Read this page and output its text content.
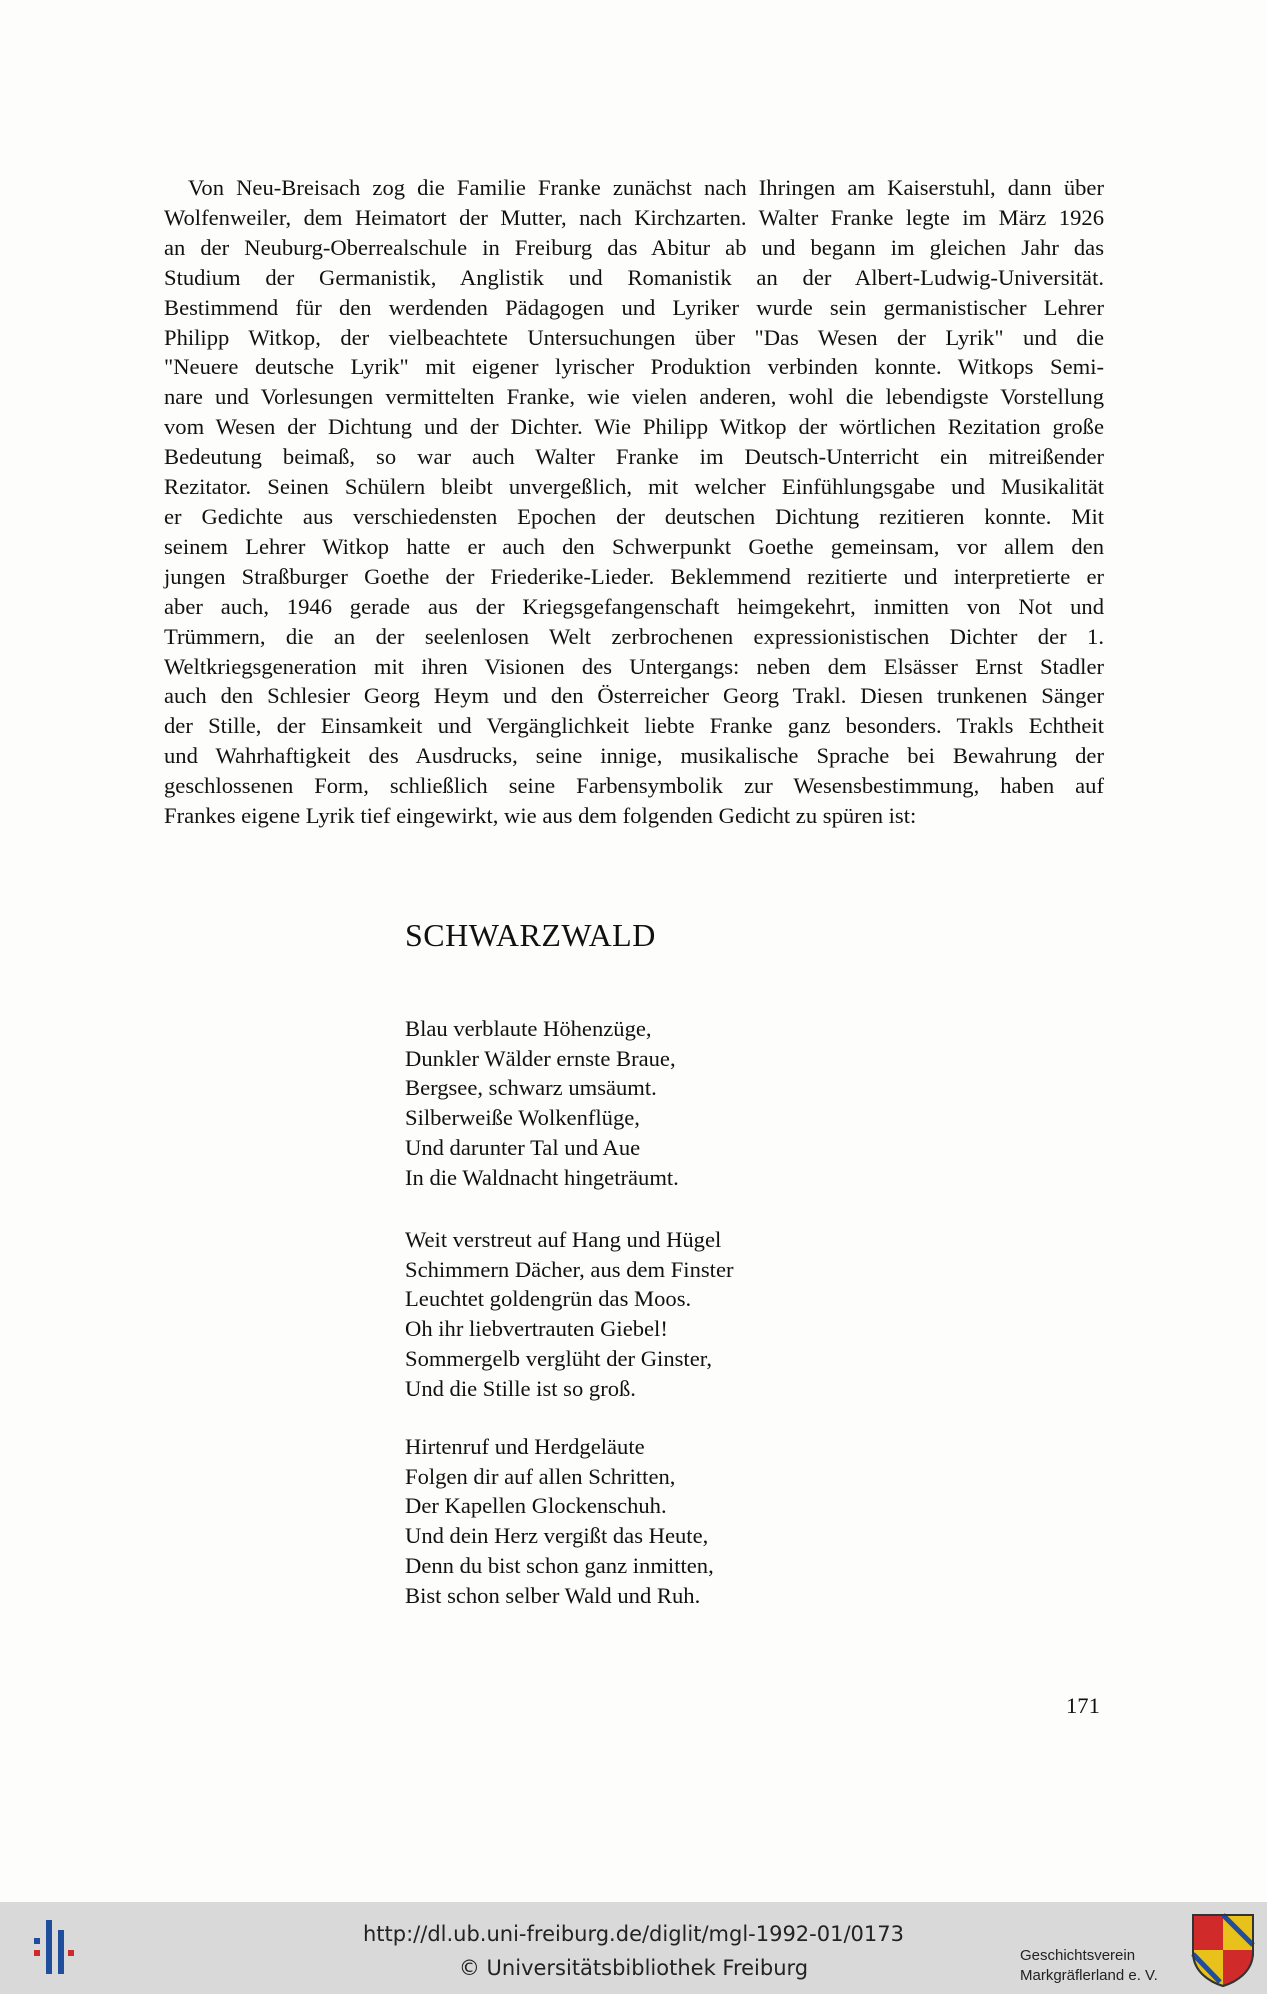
Von Neu-Breisach zog die Familie Franke zunächst nach Ihringen am Kaiserstuhl, dann über
Wolfenweiler, dem Heimatort der Mutter, nach Kirchzarten. Walter Franke legte im März 1926
an der Neuburg-Oberrealschule in Freiburg das Abitur ab und begann im gleichen Jahr das
Studium der Germanistik, Anglistik und Romanistik an der Albert-Ludwig-Universität.
Bestimmend für den werdenden Pädagogen und Lyriker wurde sein germanistischer Lehrer
Philipp Witkop, der vielbeachtete Untersuchungen über "Das Wesen der Lyrik" und die
"Neuere deutsche Lyrik" mit eigener lyrischer Produktion verbinden konnte. Witkops Semi-
nare und Vorlesungen vermittelten Franke, wie vielen anderen, wohl die lebendigste Vorstellung
vom Wesen der Dichtung und der Dichter. Wie Philipp Witkop der wörtlichen Rezitation große
Bedeutung beimaß, so war auch Walter Franke im Deutsch-Unterricht ein mitreißender
Rezitator. Seinen Schülern bleibt unvergeßlich, mit welcher Einfühlungsgabe und Musikalität
er Gedichte aus verschiedensten Epochen der deutschen Dichtung rezitieren konnte. Mit
seinem Lehrer Witkop hatte er auch den Schwerpunkt Goethe gemeinsam, vor allem den
jungen Straßburger Goethe der Friederike-Lieder. Beklemmend rezitierte und interpretierte er
aber auch, 1946 gerade aus der Kriegsgefangenschaft heimgekehrt, inmitten von Not und
Trümmern, die an der seelenlosen Welt zerbrochenen expressionistischen Dichter der 1.
Weltkriegsgeneration mit ihren Visionen des Untergangs: neben dem Elsässer Ernst Stadler
auch den Schlesier Georg Heym und den Österreicher Georg Trakl. Diesen trunkenen Sänger
der Stille, der Einsamkeit und Vergänglichkeit liebte Franke ganz besonders. Trakls Echtheit
und Wahrhaftigkeit des Ausdrucks, seine innige, musikalische Sprache bei Bewahrung der
geschlossenen Form, schließlich seine Farbensymbolik zur Wesensbestimmung, haben auf
Frankes eigene Lyrik tief eingewirkt, wie aus dem folgenden Gedicht zu spüren ist:
SCHWARZWALD
Blau verblaute Höhenzüge,
Dunkler Wälder ernste Braue,
Bergsee, schwarz umsäumt.
Silberweiße Wolkenflüge,
Und darunter Tal und Aue
In die Waldnacht hingeträumt.
Weit verstreut auf Hang und Hügel
Schimmern Dächer, aus dem Finster
Leuchtet goldengrün das Moos.
Oh ihr liebvertrauten Giebel!
Sommergelb verglüht der Ginster,
Und die Stille ist so groß.
Hirtenruf und Herdgeläute
Folgen dir auf allen Schritten,
Der Kapellen Glockenschuh.
Und dein Herz vergißt das Heute,
Denn du bist schon ganz inmitten,
Bist schon selber Wald und Ruh.
171
http://dl.ub.uni-freiburg.de/diglit/mgl-1992-01/0173
© Universitätsbibliothek Freiburg
Geschichtsverein
Markgräflerland e. V.
